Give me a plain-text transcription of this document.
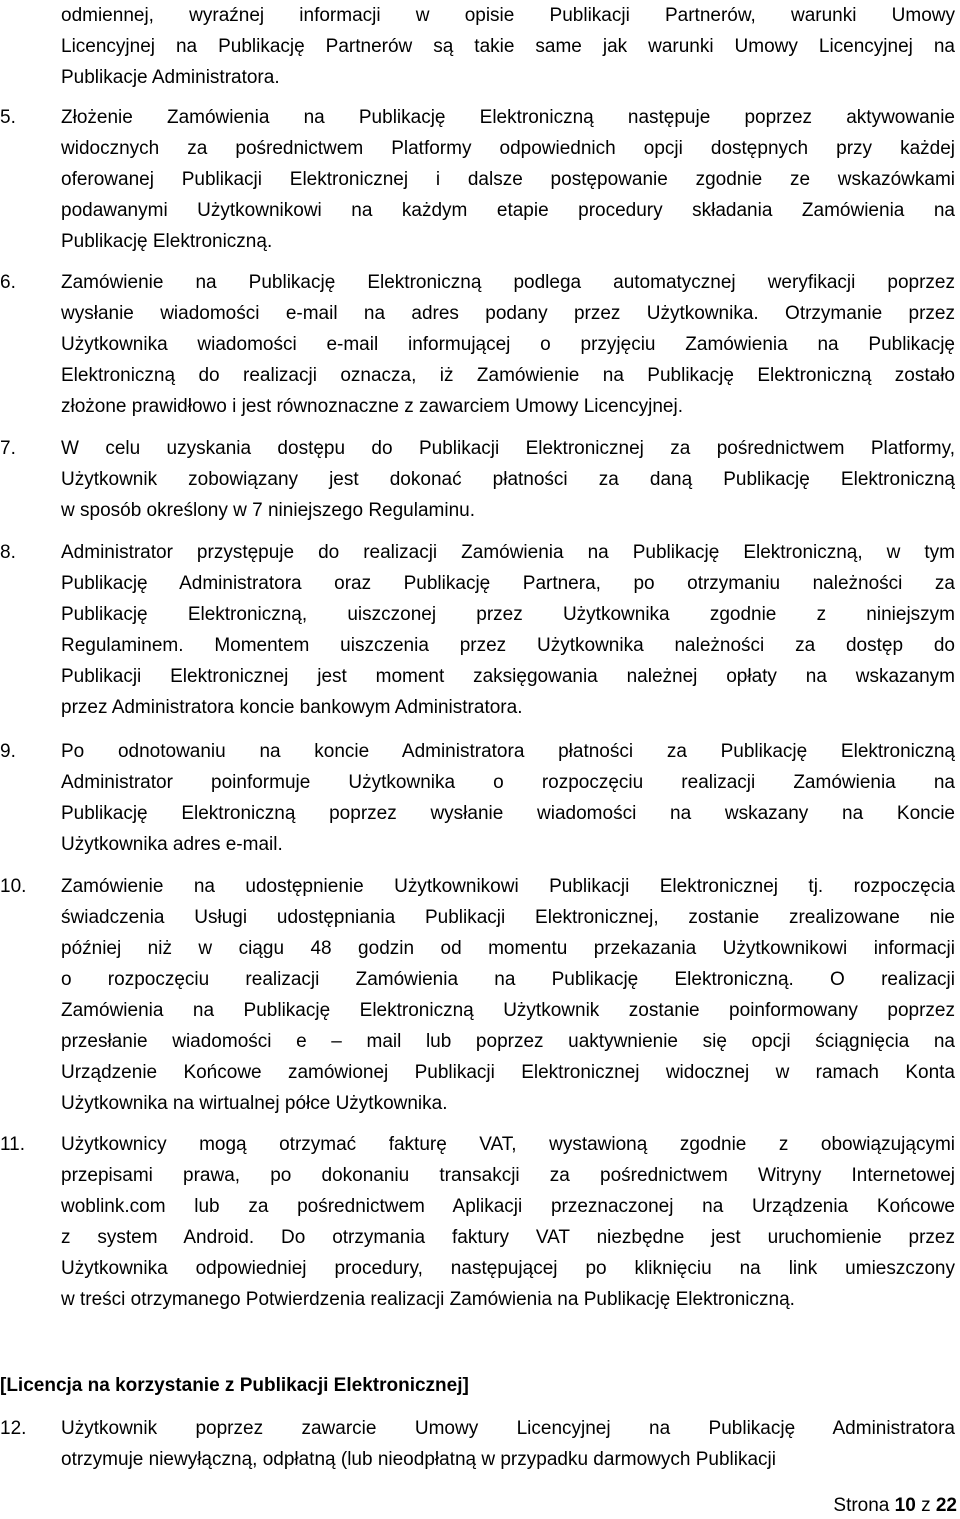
odmiennej, wyraźnej informacji w opisie Publikacji Partnerów, warunki Umowy
Licencyjnej na Publikację Partnerów są takie same jak warunki Umowy Licencyjnej na
Publikacje Administratora.
5. Złożenie Zamówienia na Publikację Elektroniczną następuje poprzez aktywowanie
widocznych za pośrednictwem Platformy odpowiednich opcji dostępnych przy każdej
oferowanej Publikacji Elektronicznej i dalsze postępowanie zgodnie ze wskazówkami
podawanymi Użytkownikowi na każdym etapie procedury składania Zamówienia na
Publikację Elektroniczną.
6. Zamówienie na Publikację Elektroniczną podlega automatycznej weryfikacji poprzez
wysłanie wiadomości e-mail na adres podany przez Użytkownika. Otrzymanie przez
Użytkownika wiadomości e-mail informującej o przyjęciu Zamówienia na Publikację
Elektroniczną do realizacji oznacza, iż Zamówienie na Publikację Elektroniczną zostało
złożone prawidłowo i jest równoznaczne z zawarciem Umowy Licencyjnej.
7. W celu uzyskania dostępu do Publikacji Elektronicznej za pośrednictwem Platformy,
Użytkownik zobowiązany jest dokonać płatności za daną Publikację Elektroniczną
w sposób określony w 7 niniejszego Regulaminu.
8. Administrator przystępuje do realizacji Zamówienia na Publikację Elektroniczną, w tym
Publikację Administratora oraz Publikację Partnera, po otrzymaniu należności za
Publikację Elektroniczną, uiszczonej przez Użytkownika zgodnie z niniejszym
Regulaminem. Momentem uiszczenia przez Użytkownika należności za dostęp do
Publikacji Elektronicznej jest moment zaksięgowania należnej opłaty na wskazanym
przez Administratora koncie bankowym Administratora.
9. Po odnotowaniu na koncie Administratora płatności za Publikację Elektroniczną
Administrator poinformuje Użytkownika o rozpoczęciu realizacji Zamówienia na
Publikację Elektroniczną poprzez wysłanie wiadomości na wskazany na Koncie
Użytkownika adres e-mail.
10. Zamówienie na udostępnienie Użytkownikowi Publikacji Elektronicznej tj. rozpoczęcia
świadczenia Usługi udostępniania Publikacji Elektronicznej, zostanie zrealizowane nie
później niż w ciągu 48 godzin od momentu przekazania Użytkownikowi informacji
o rozpoczęciu realizacji Zamówienia na Publikację Elektroniczną. O realizacji
Zamówienia na Publikację Elektroniczną Użytkownik zostanie poinformowany poprzez
przesłanie wiadomości e – mail lub poprzez uaktywnienie się opcji ściągnięcia na
Urządzenie Końcowe zamówionej Publikacji Elektronicznej widocznej w ramach Konta
Użytkownika na wirtualnej półce Użytkownika.
11. Użytkownicy mogą otrzymać fakturę VAT, wystawioną zgodnie z obowiązującymi
przepisami prawa, po dokonaniu transakcji za pośrednictwem Witryny Internetowej
woblink.com lub za pośrednictwem Aplikacji przeznaczonej na Urządzenia Końcowe
z system Android. Do otrzymania faktury VAT niezbędne jest uruchomienie przez
Użytkownika odpowiedniej procedury, następującej po kliknięciu na link umieszczony
w treści otrzymanego Potwierdzenia realizacji Zamówienia na Publikację Elektroniczną.
[Licencja na korzystanie z Publikacji Elektronicznej]
12. Użytkownik poprzez zawarcie Umowy Licencyjnej na Publikację Administratora
otrzymuje niewyłączną, odpłatną (lub nieodpłatną w przypadku darmowych Publikacji
Strona 10 z 22
